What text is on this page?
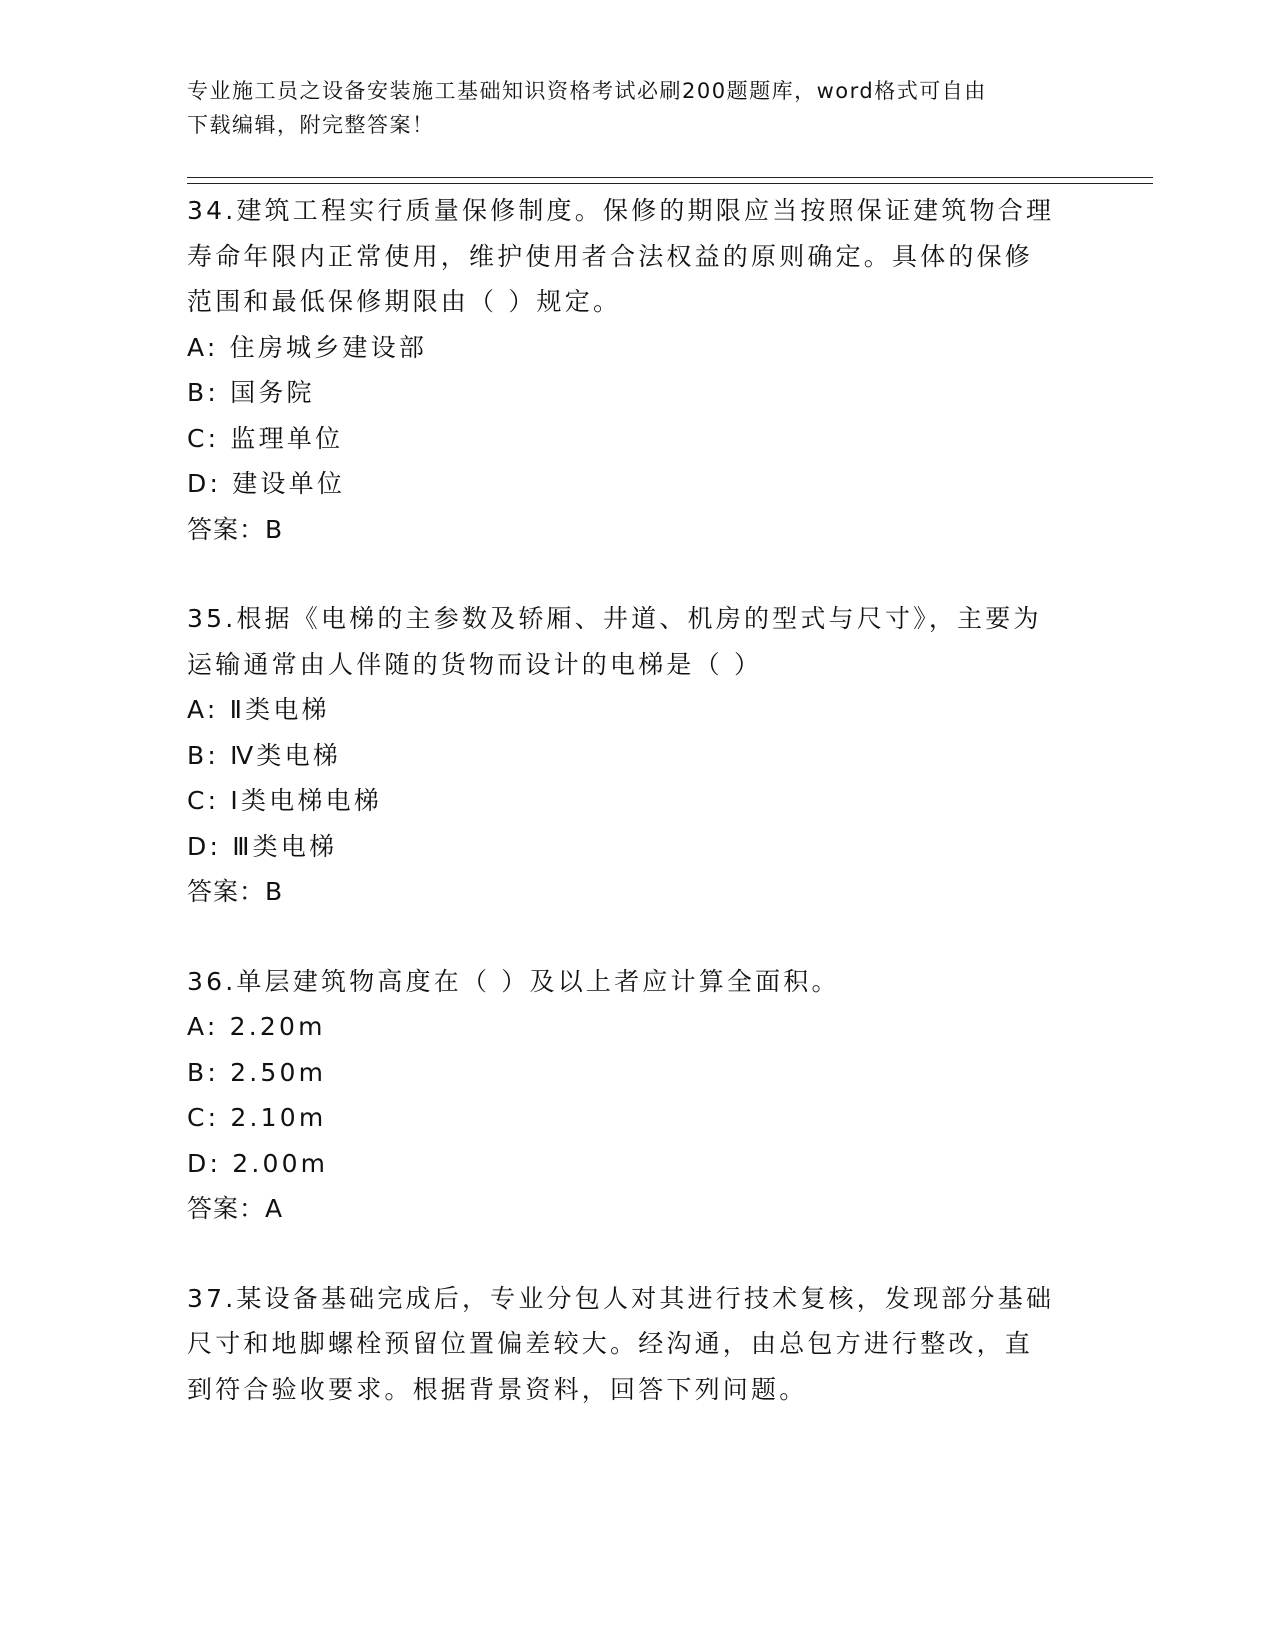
专业施工员之设备安装施工基础知识资格考试必刷200题题库，word格式可自由
下载编辑，附完整答案！

34.建筑工程实行质量保修制度。保修的期限应当按照保证建筑物合理

寿命年限内正常使用，维护使用者合法权益的原则确定。具体的保修

范围和最低保修期限由（ ）规定。

A: 住房城乡建设部

B: 国务院

C: 监理单位

D: 建设单位

答案：B

35.根据《电梯的主参数及轿厢、井道、机房的型式与尺寸》，主要为

运输通常由人伴随的货物而设计的电梯是（ ）

A: Ⅱ类电梯

B: Ⅳ类电梯

C: Ⅰ类电梯电梯

D: Ⅲ类电梯

答案：B

36.单层建筑物高度在（ ）及以上者应计算全面积。

A: 2.20m

B: 2.50m

C: 2.10m

D: 2.00m

答案：A

37.某设备基础完成后，专业分包人对其进行技术复核，发现部分基础

尺寸和地脚螺栓预留位置偏差较大。经沟通，由总包方进行整改，直

到符合验收要求。根据背景资料，回答下列问题。
